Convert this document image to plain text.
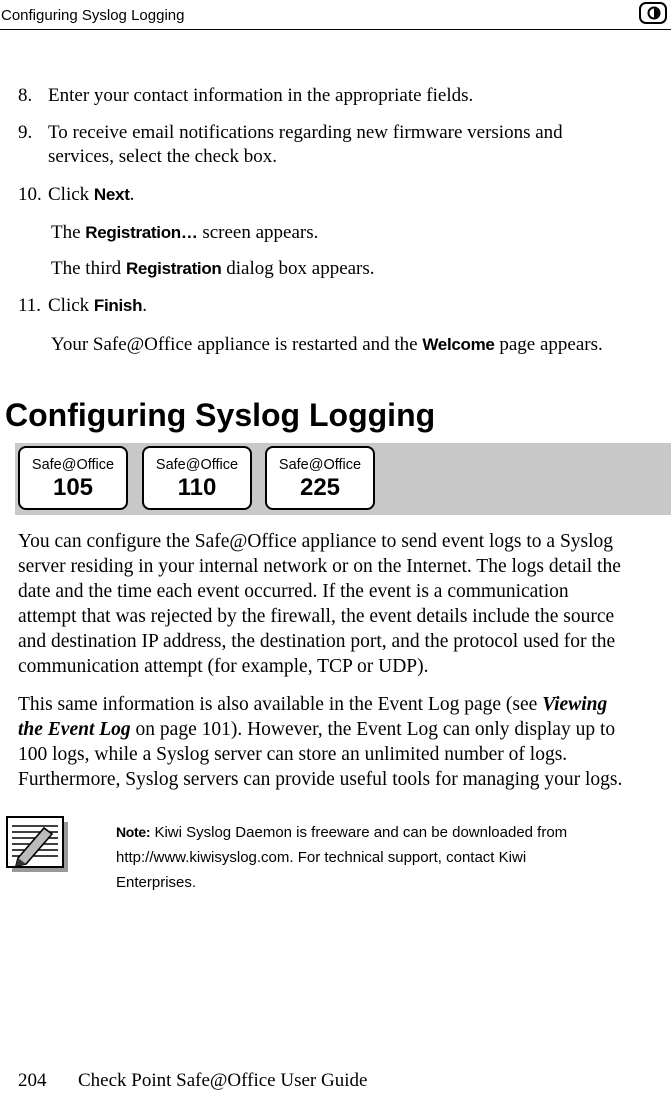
Configuring Syslog Logging
8. Enter your contact information in the appropriate fields.
9. To receive email notifications regarding new firmware versions and
services, select the check box.
10. Click Next.
The Registration… screen appears.
The third Registration dialog box appears.
11. Click Finish.
Your Safe@Office appliance is restarted and the Welcome page appears.
Configuring Syslog Logging
Safe@Office
105
Safe@Office
110
Safe@Office
225
You can configure the Safe@Office appliance to send event logs to a Syslog
server residing in your internal network or on the Internet. The logs detail the
date and the time each event occurred. If the event is a communication
attempt that was rejected by the firewall, the event details include the source
and destination IP address, the destination port, and the protocol used for the
communication attempt (for example, TCP or UDP).
This same information is also available in the Event Log page (see Viewing
the Event Log on page 101). However, the Event Log can only display up to
100 logs, while a Syslog server can store an unlimited number of logs.
Furthermore, Syslog servers can provide useful tools for managing your logs.
Note: Kiwi Syslog Daemon is freeware and can be downloaded from
http://www.kiwisyslog.com. For technical support, contact Kiwi
Enterprises.
204 Check Point Safe@Office User Guide
